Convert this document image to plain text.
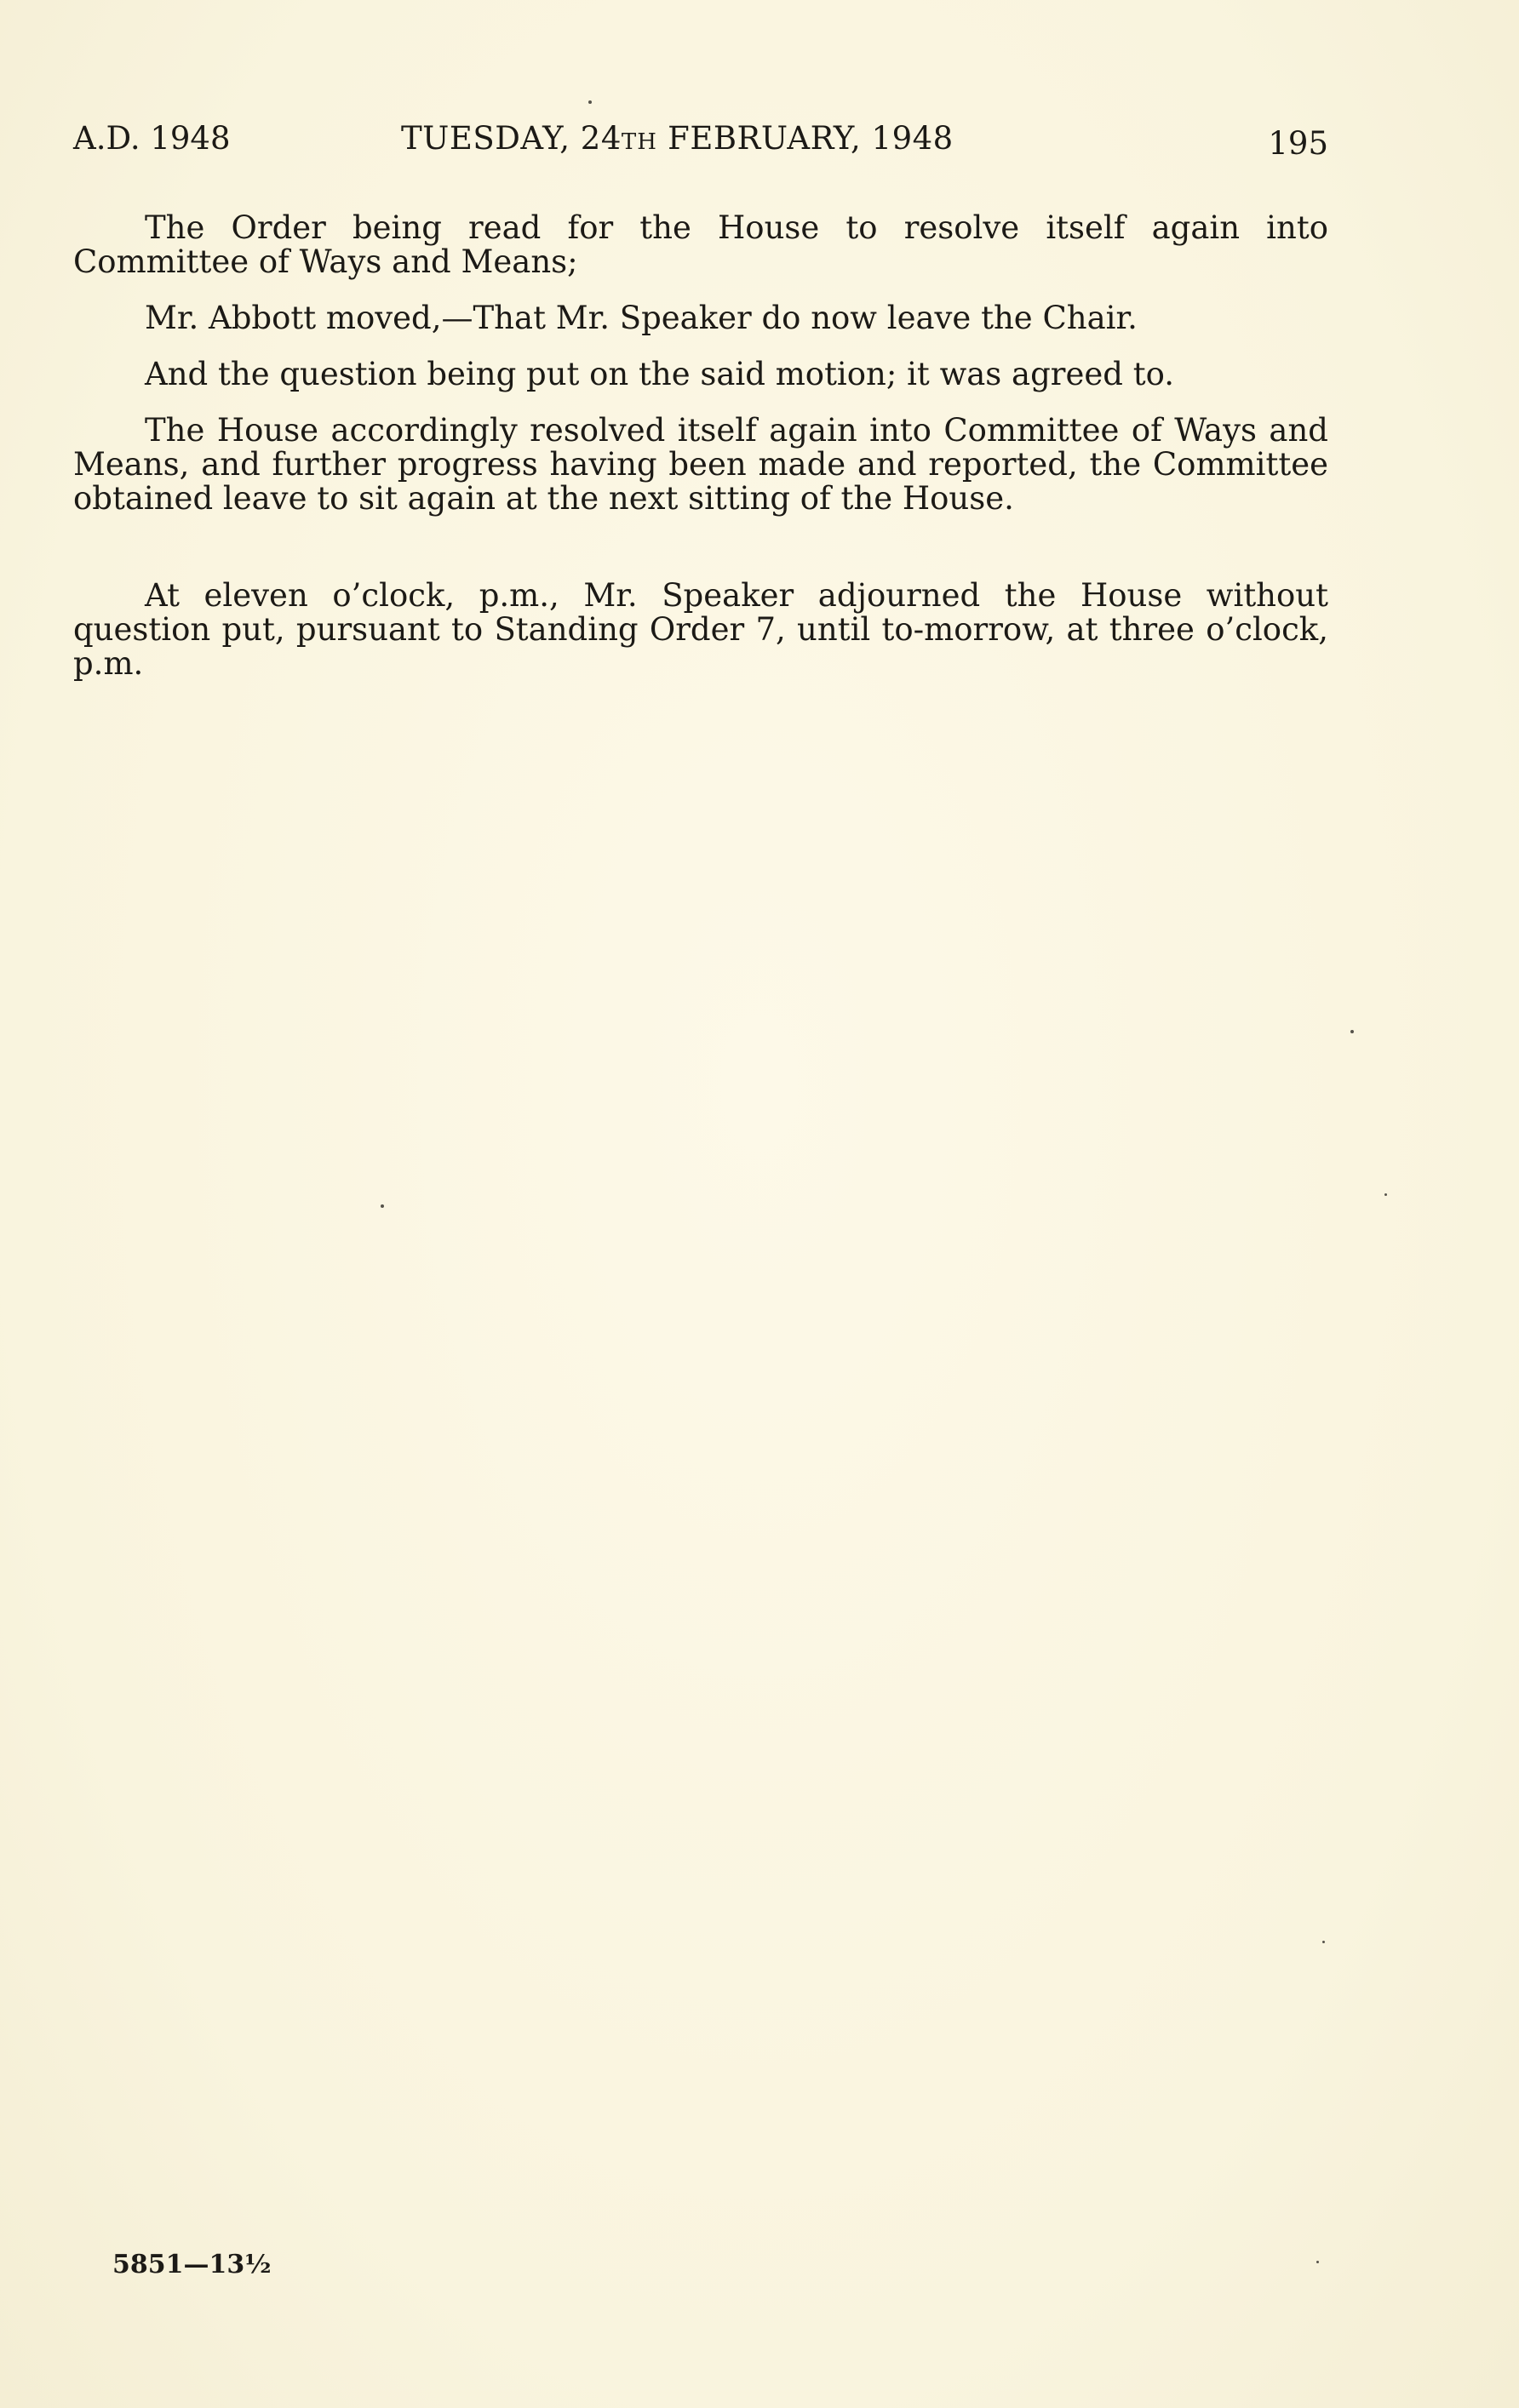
A.D. 1948	TUESDAY, 24TH FEBRUARY, 1948	195

The Order being read for the House to resolve itself again into Committee of Ways and Means;

Mr. Abbott moved,—That Mr. Speaker do now leave the Chair.

And the question being put on the said motion; it was agreed to.

The House accordingly resolved itself again into Committee of Ways and Means, and further progress having been made and reported, the Committee obtained leave to sit again at the next sitting of the House.

At eleven o’clock, p.m., Mr. Speaker adjourned the House without question put, pursuant to Standing Order 7, until to-morrow, at three o’clock, p.m.

5851—13½
